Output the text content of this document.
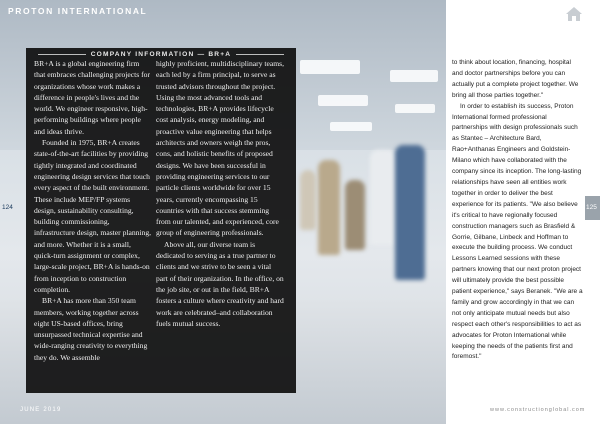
PROTON INTERNATIONAL
COMPANY INFORMATION — BR+A

BR+A is a global engineering firm that embraces challenging projects for organizations whose work makes a difference in people's lives and the world. We engineer responsive, high-performing buildings where people and ideas thrive.

Founded in 1975, BR+A creates state-of-the-art facilities by providing tightly integrated and coordinated engineering design services that touch every aspect of the built environment. These include MEP/FP systems design, sustainability consulting, building commissioning, infrastructure design, master planning, and more. Whether it is a small, quick-turn assignment or complex, large-scale project, BR+A is hands-on from inception to construction completion.

BR+A has more than 350 team members, working together across eight US-based offices, bring unsurpassed technical expertise and wide-ranging creativity to everything they do. We assemble

highly proficient, multidisciplinary teams, each led by a firm principal, to serve as trusted advisors throughout the project. Using the most advanced tools and technologies, BR+A provides lifecycle cost analysis, energy modeling, and proactive value engineering that helps architects and owners weigh the pros, cons, and holistic benefits of proposed designs. We have been successful in providing engineering services to our particle clients worldwide for over 15 years, currently encompassing 15 countries with that success stemming from our talented, and experienced, core group of engineering professionals.

Above all, our diverse team is dedicated to serving as a true partner to clients and we strive to be seen a vital part of their organization. In the office, on the job site, or out in the field, BR+A fosters a culture where creativity and hard work are celebrated–and collaboration fuels mutual success.

124	125

to think about location, financing, hospital and doctor partnerships before you can actually put a complete project together. We bring all those parties together."

In order to establish its success, Proton International formed professional partnerships with design professionals such as Stantec – Architecture Bard, Rao+Anthanas Engineers and Goldstein-Milano which have collaborated with the company since its inception. The long-lasting relationships have seen all entities work together in order to deliver the best experience for its patients. "We also believe it's critical to have regionally focused construction managers such as Brasfield & Gorrie, Gilbane, Linbeck and Hoffman to execute the building process. We conduct Lessons Learned sessions with these partners knowing that our next proton project will ultimately provide the best possible patient experience," says Beranek. "We are a family and grow accordingly in that we can not only anticipate mutual needs but also respect each other's responsibilities to act as advocates for Proton International while keeping the needs of the patients first and foremost."

JUNE 2019	www.constructionglobal.com
